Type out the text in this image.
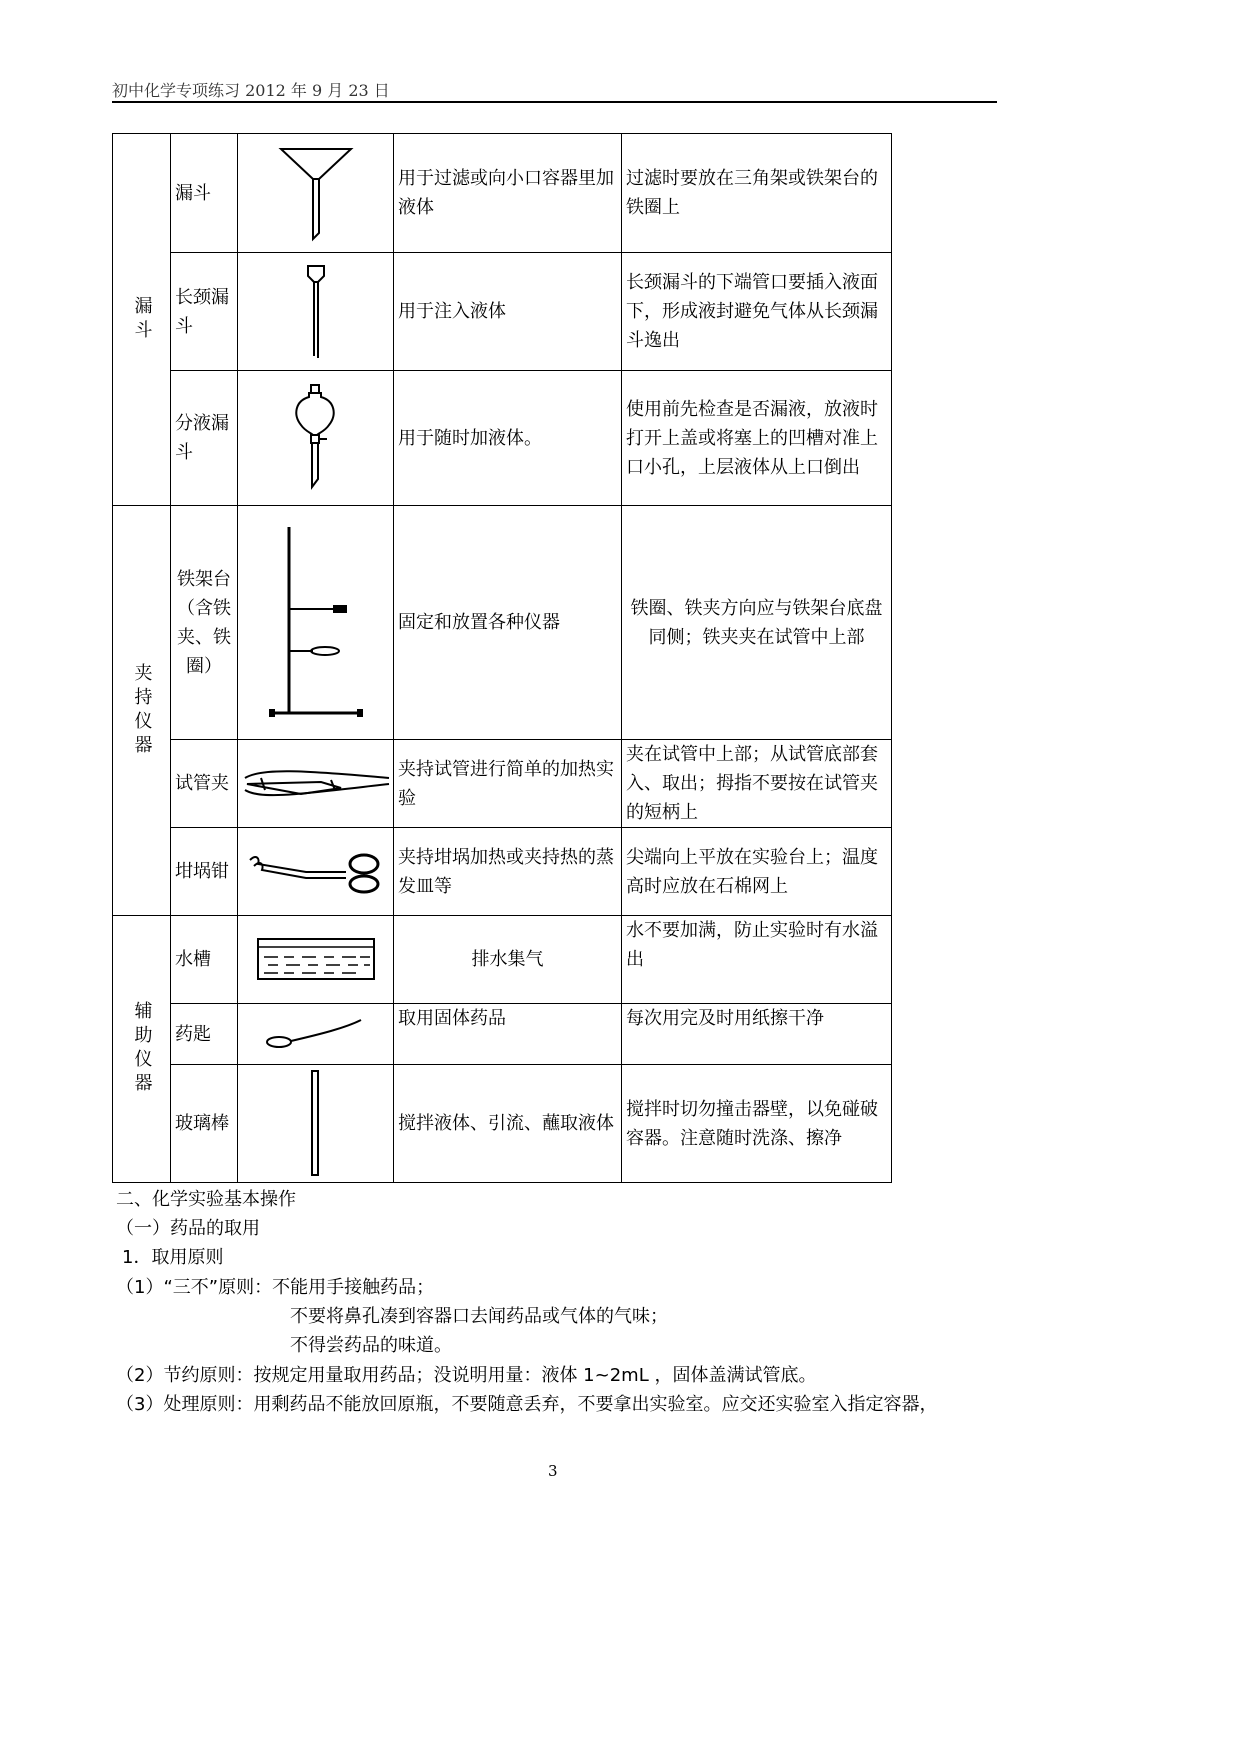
初中化学专项练习 2012 年 9 月 23 日
漏斗	漏斗		用于过滤或向小口容器里加液体	过滤时要放在三角架或铁架台的铁圈上
	长颈漏斗		用于注入液体	长颈漏斗的下端管口要插入液面下，形成液封避免气体从长颈漏斗逸出
	分液漏斗		用于随时加液体。	使用前先检查是否漏液，放液时打开上盖或将塞上的凹槽对准上口小孔，上层液体从上口倒出

夹持仪器	铁架台（含铁夹、铁圈）		固定和放置各种仪器	铁圈、铁夹方向应与铁架台底盘同侧；铁夹夹在试管中上部
	试管夹		夹持试管进行简单的加热实验	夹在试管中上部；从试管底部套入、取出；拇指不要按在试管夹的短柄上
	坩埚钳		夹持坩埚加热或夹持热的蒸发皿等	尖端向上平放在实验台上；温度高时应放在石棉网上

辅助仪器	水槽		排水集气	水不要加满，防止实验时有水溢出
	药匙		取用固体药品	每次用完及时用纸擦干净
	玻璃棒		搅拌液体、引流、蘸取液体	搅拌时切勿撞击器壁，以免碰破容器。注意随时洗涤、擦净
二、化学实验基本操作
（一）药品的取用
1．取用原则
（1）“三不”原则：不能用手接触药品；
不要将鼻孔凑到容器口去闻药品或气体的气味；
不得尝药品的味道。
（2）节约原则：按规定用量取用药品；没说明用量：液体 1~2mL ，固体盖满试管底。
（3）处理原则：用剩药品不能放回原瓶，不要随意丢弃，不要拿出实验室。应交还实验室入指定容器，
3
